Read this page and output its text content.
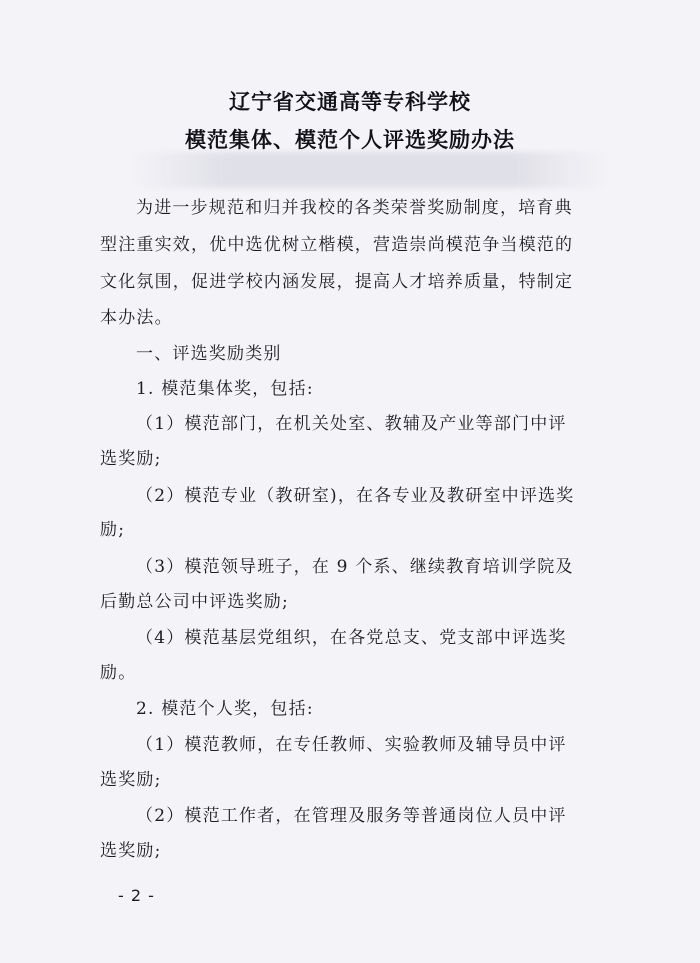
辽宁省交通高等专科学校
模范集体、模范个人评选奖励办法
为进一步规范和归并我校的各类荣誉奖励制度，培育典
型注重实效，优中选优树立楷模，营造崇尚模范争当模范的
文化氛围，促进学校内涵发展，提高人才培养质量，特制定
本办法。
一、评选奖励类别
1. 模范集体奖，包括:
（1）模范部门，在机关处室、教辅及产业等部门中评
选奖励;
（2）模范专业（教研室)，在各专业及教研室中评选奖
励;
（3）模范领导班子，在 9 个系、继续教育培训学院及
后勤总公司中评选奖励;
（4）模范基层党组织，在各党总支、党支部中评选奖
励。
2. 模范个人奖，包括:
（1）模范教师，在专任教师、实验教师及辅导员中评
选奖励;
（2）模范工作者，在管理及服务等普通岗位人员中评
选奖励;
- 2 -
